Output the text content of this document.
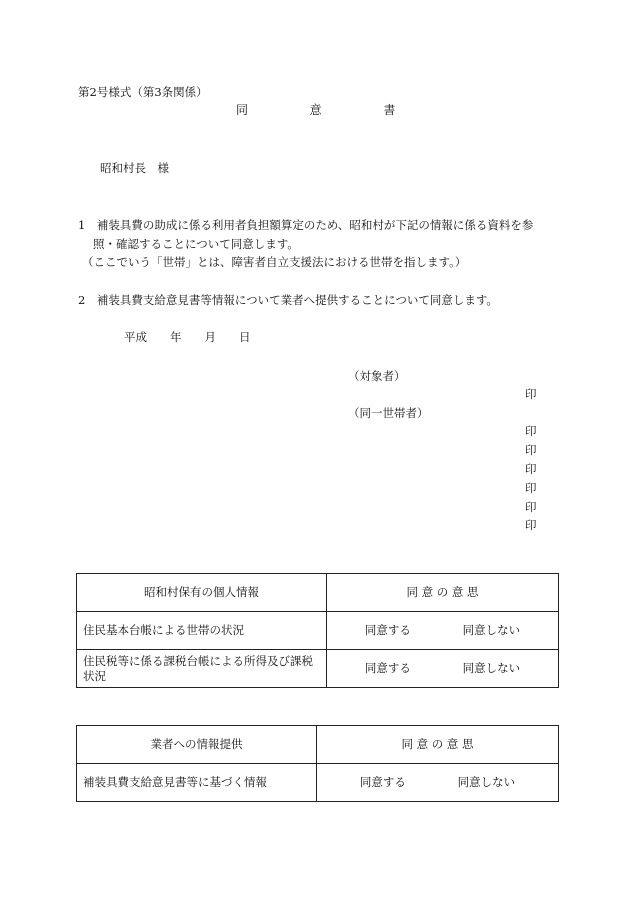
第2号様式（第3条関係）
同	意	書
昭和村長　様
1　補装具費の助成に係る利用者負担額算定のため、昭和村が下記の情報に係る資料を参
照・確認することについて同意します。
（ここでいう「世帯」とは、障害者自立支援法における世帯を指します。）
2　補装具費支給意見書等情報について業者へ提供することについて同意します。
平成　　年　　月　　日
（対象者）
印
（同一世帯者）
印
印
印
印
印
印
昭和村保有の個人情報	同 意 の 意 思
住民基本台帳による世帯の状況	同意する 同意しない
住民税等に係る課税台帳による所得及び課税状況	同意する 同意しない
業者への情報提供	同 意 の 意 思
補装具費支給意見書等に基づく情報	同意する 同意しない
